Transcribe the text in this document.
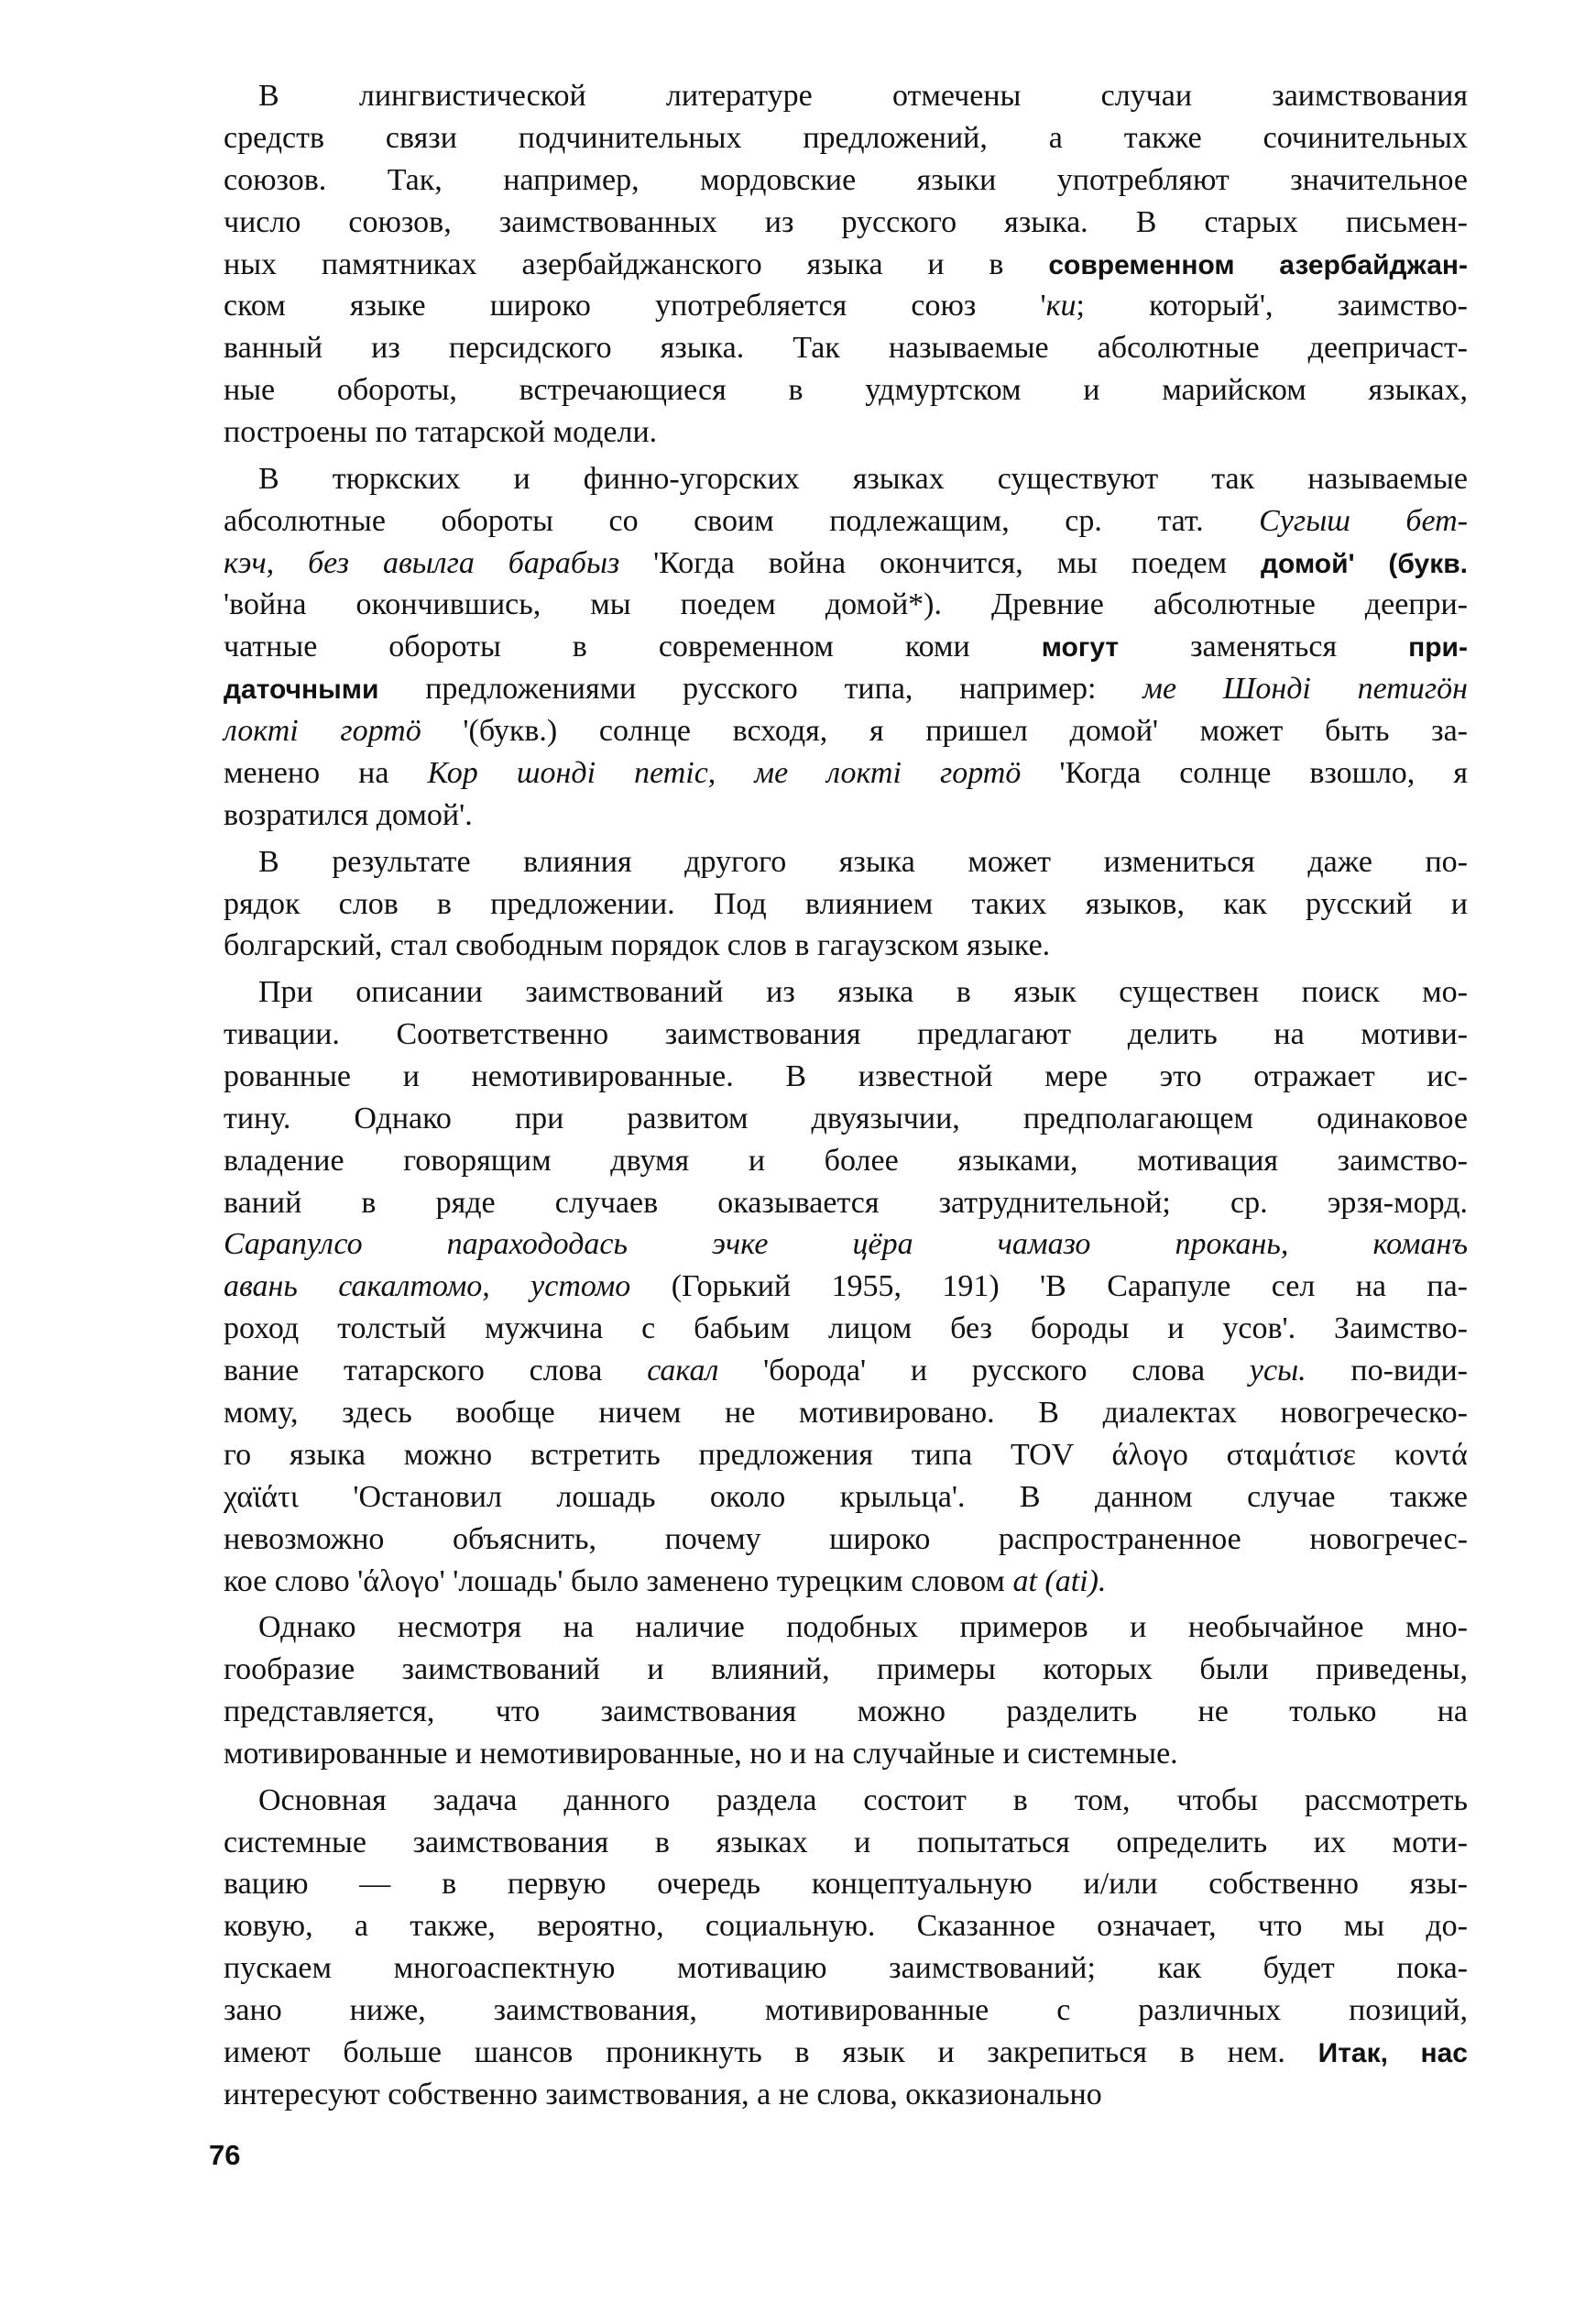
В лингвистической литературе отмечены случаи заимствования
средств связи подчинительных предложений, а также сочинительных
союзов. Так, например, мордовские языки употребляют значительное
число союзов, заимствованных из русского языка. В старых письмен-
ных памятниках азербайджанского языка и в современном азербайджан-
ском языке широко употребляется союз 'ки; который', заимство-
ванный из персидского языка. Так называемые абсолютные деепричаст-
ные обороты, встречающиеся в удмуртском и марийском языках,
построены по татарской модели.
В тюркских и финно-угорских языках существуют так называемые
абсолютные обороты со своим подлежащим, ср. тат. Сугыш бет-
кэч, без авылга барабыз 'Когда война окончится, мы поедем домой' (букв.
'война окончившись, мы поедем домой*). Древние абсолютные деепри-
чатные обороты в современном коми могут заменяться при-
даточными предложениями русского типа, например: ме Шонді петигöн
локті гортö '(букв.) солнце всходя, я пришел домой' может быть за-
менено на Кор шонді петіс, ме локті гортö 'Когда солнце взошло, я
возратился домой'.
В результате влияния другого языка может измениться даже по-
рядок слов в предложении. Под влиянием таких языков, как русский и
болгарский, стал свободным порядок слов в гагаузском языке.
При описании заимствований из языка в язык существен поиск мо-
тивации. Соответственно заимствования предлагают делить на мотиви-
рованные и немотивированные. В известной мере это отражает ис-
тину. Однако при развитом двуязычии, предполагающем одинаковое
владение говорящим двумя и более языками, мотивация заимство-
ваний в ряде случаев оказывается затруднительной; ср. эрзя-морд.
Сарапулсо парахододась эчке цёра чамазо прокань, команъ
авань сакалтомо, устомо (Горький 1955, 191) 'В Сарапуле сел на па-
роход толстый мужчина с бабьим лицом без бороды и усов'. Заимство-
вание татарского слова сакал 'борода' и русского слова усы. по-види-
мому, здесь вообще ничем не мотивировано. В диалектах новогреческо-
го языка можно встретить предложения типа TOV άλογο σταμάτισε κοντά
χαϊάτι 'Остановил лошадь около крыльца'. В данном случае также
невозможно объяснить, почему широко распространенное новогречес-
кое слово 'άλογο' 'лошадь' было заменено турецким словом at (ati).
Однако несмотря на наличие подобных примеров и необычайное мно-
гообразие заимствований и влияний, примеры которых были приведены,
представляется, что заимствования можно разделить не только на
мотивированные и немотивированные, но и на случайные и системные.
Основная задача данного раздела состоит в том, чтобы рассмотреть
системные заимствования в языках и попытаться определить их моти-
вацию — в первую очередь концептуальную и/или собственно язы-
ковую, а также, вероятно, социальную. Сказанное означает, что мы до-
пускаем многоаспектную мотивацию заимствований; как будет пока-
зано ниже, заимствования, мотивированные с различных позиций,
имеют больше шансов проникнуть в язык и закрепиться в нем. Итак, нас
интересуют собственно заимствования, а не слова, окказионально
76
